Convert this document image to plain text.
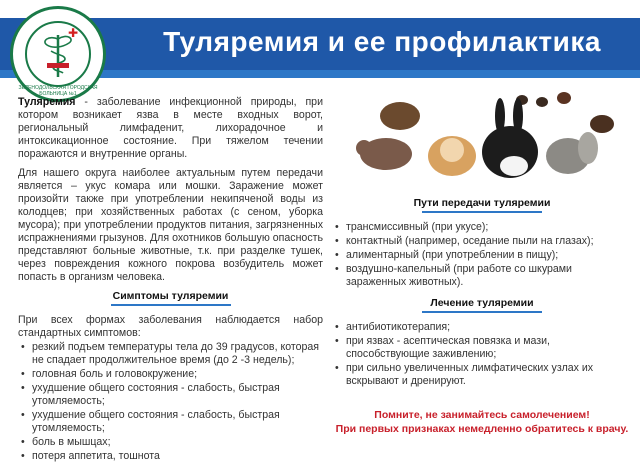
Туляремия и ее профилактика
✚
ЗЕЛЕНОДОЛЬСКАЯ ГОРОДСКАЯ БОЛЬНИЦА №1

Туляремия - заболевание инфекционной природы, при котором возникает язва в месте входных ворот, региональный лимфаденит, лихорадочное и интоксикационное состояние. При тяжелом течении поражаются и внутренние органы.

Для нашего округа наиболее актуальным путем передачи является – укус комара или мошки. Заражение может произойти также при употреблении некипяченой воды из колодцев; при хозяйственных работах (с сеном, уборка мусора); при употреблении продуктов питания, загрязненных испражнениями грызунов. Для охотников большую опасность представляют больные животные, т.к. при разделке тушек, через повреждения кожного покрова возбудитель может попасть в организм человека.

Симптомы туляремии

При всех формах заболевания наблюдается набор стандартных симптомов:

• резкий подъем температуры тела до 39 градусов, которая не спадает продолжительное время (до 2 -3 недель);
• головная боль и головокружение;
• ухудшение общего состояния - слабость, быстрая утомляемость;
• ухудшение общего состояния - слабость, быстрая утомляемость;
• боль в мышцах;
• потеря аппетита, тошнота
Пути передачи туляремии
• трансмиссивный (при укусе);
• контактный (например, оседание пыли на глазах);
• алиментарный (при употреблении в пищу);
• воздушно-капельный (при работе со шкурами зараженных животных).
Лечение туляремии
• антибиотикотерапия;
• при язвах - асептическая повязка и мази, способствующие заживлению;
• при сильно увеличенных лимфатических узлах их вскрывают и дренируют.
Помните, не занимайтесь самолечением!
При первых признаках немедленно обратитесь к врачу.
